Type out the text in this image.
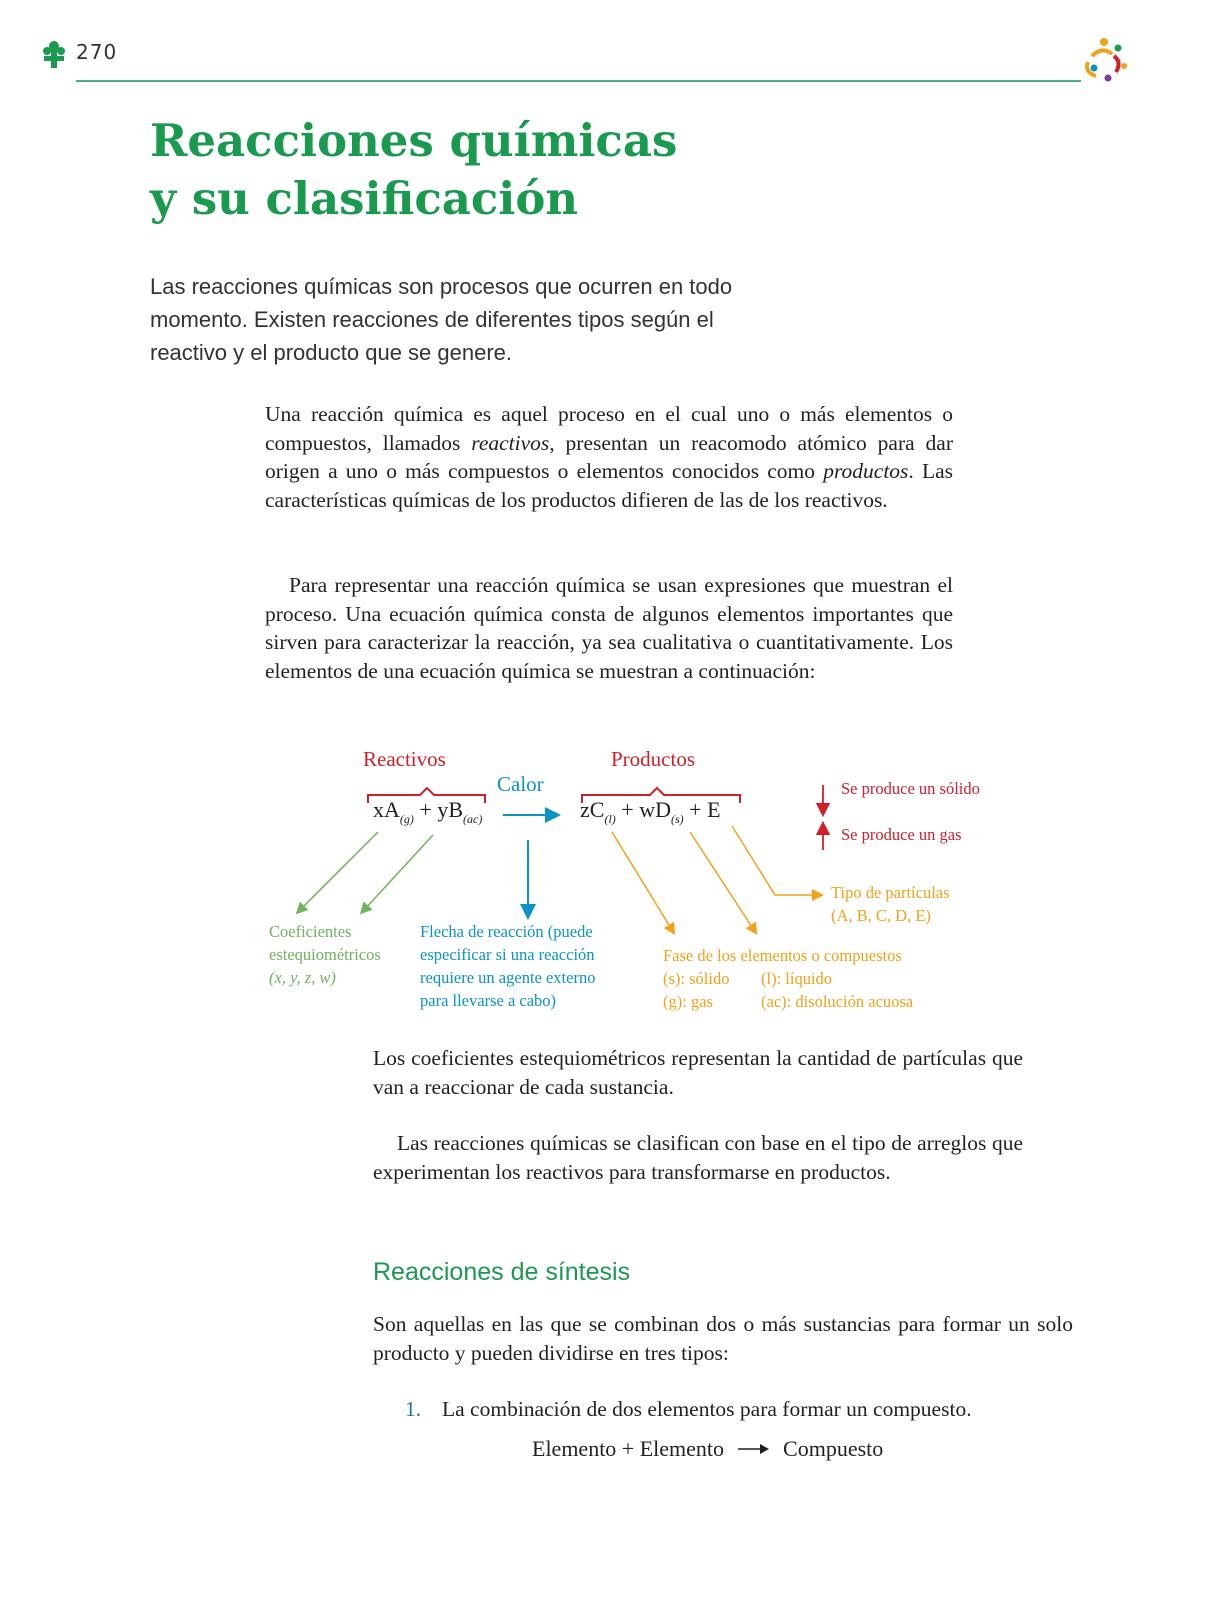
270
Reacciones químicas
y su clasificación

Las reacciones químicas son procesos que ocurren en todo momento. Existen reacciones de diferentes tipos según el reactivo y el producto que se genere.

Una reacción química es aquel proceso en el cual uno o más elementos o compuestos, llamados reactivos, presentan un reacomodo atómico para dar origen a uno o más compuestos o elementos conocidos como productos. Las características químicas de los productos difieren de las de los reactivos.

Para representar una reacción química se usan expresiones que muestran el proceso. Una ecuación química consta de algunos elementos importantes que sirven para caracterizar la reacción, ya sea cualitativa o cuantitativamente. Los elementos de una ecuación química se muestran a continuación:

Reactivos	Productos
Calor
$xA_{(g)} + yB_{(ac)}$	$zC_{(l)} + wD_{(s)} + E$
Se produce un sólido
Se produce un gas
Tipo de partículas
(A, B, C, D, E)
Coeficientes
estequiométricos
(x, y, z, w)
Flecha de reacción (puede
especificar si una reacción
requiere un agente externo
para llevarse a cabo)
Fase de los elementos o compuestos
(s): sólido (l): líquido
(g): gas	(ac): disolución acuosa

Los coeficientes estequiométricos representan la cantidad de partículas que van a reaccionar de cada sustancia.

Las reacciones químicas se clasifican con base en el tipo de arreglos que experimentan los reactivos para transformarse en productos.

Reacciones de síntesis

Son aquellas en las que se combinan dos o más sustancias para formar un solo producto y pueden dividirse en tres tipos:

1. La combinación de dos elementos para formar un compuesto.
Elemento + Elemento	Compuesto
